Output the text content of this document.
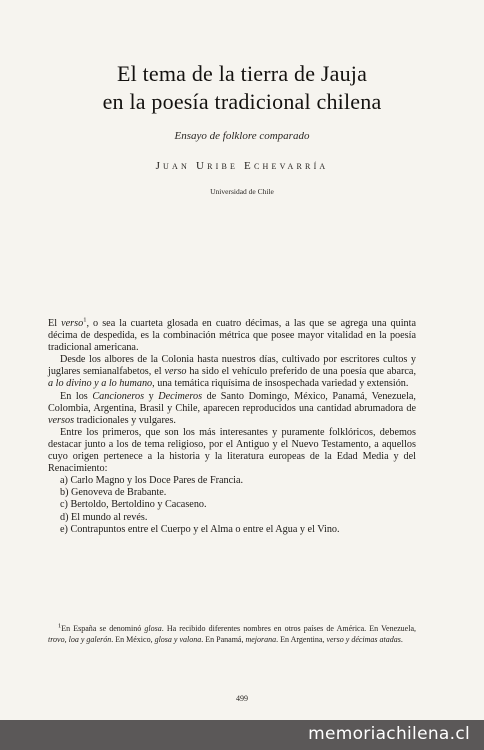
El tema de la tierra de Jauja
en la poesía tradicional chilena
Ensayo de folklore comparado
Juan Uribe Echevarría
Universidad de Chile

El verso$^1$, o sea la cuarteta glosada en cuatro décimas, a las que se agrega una quinta décima de despedida, es la combinación métrica que posee mayor vitalidad en la poesía tradicional americana.

Desde los albores de la Colonia hasta nuestros días, cultivado por escritores cultos y juglares semianalfabetos, el verso ha sido el vehículo preferido de una poesía que abarca, a lo divino y a lo humano, una temática riquísima de insospechada variedad y extensión.

En los Cancioneros y Decimeros de Santo Domingo, México, Panamá, Venezuela, Colombia, Argentina, Brasil y Chile, aparecen reproducidos una cantidad abrumadora de versos tradicionales y vulgares.

Entre los primeros, que son los más interesantes y puramente folklóricos, debemos destacar junto a los de tema religioso, por el Antiguo y el Nuevo Testamento, a aquellos cuyo origen pertenece a la historia y la literatura europeas de la Edad Media y del Renacimiento:

a) Carlo Magno y los Doce Pares de Francia.
b) Genoveva de Brabante.
c) Bertoldo, Bertoldino y Cacaseno.
d) El mundo al revés.
e) Contrapuntos entre el Cuerpo y el Alma o entre el Agua y el Vino.

$^1$En España se denominó glosa. Ha recibido diferentes nombres en otros países de América. En Venezuela, trovo, loa y galerón. En México, glosa y valona. En Panamá, mejorana. En Argentina, verso y décimas atadas.

499
memoriachilena.cl
